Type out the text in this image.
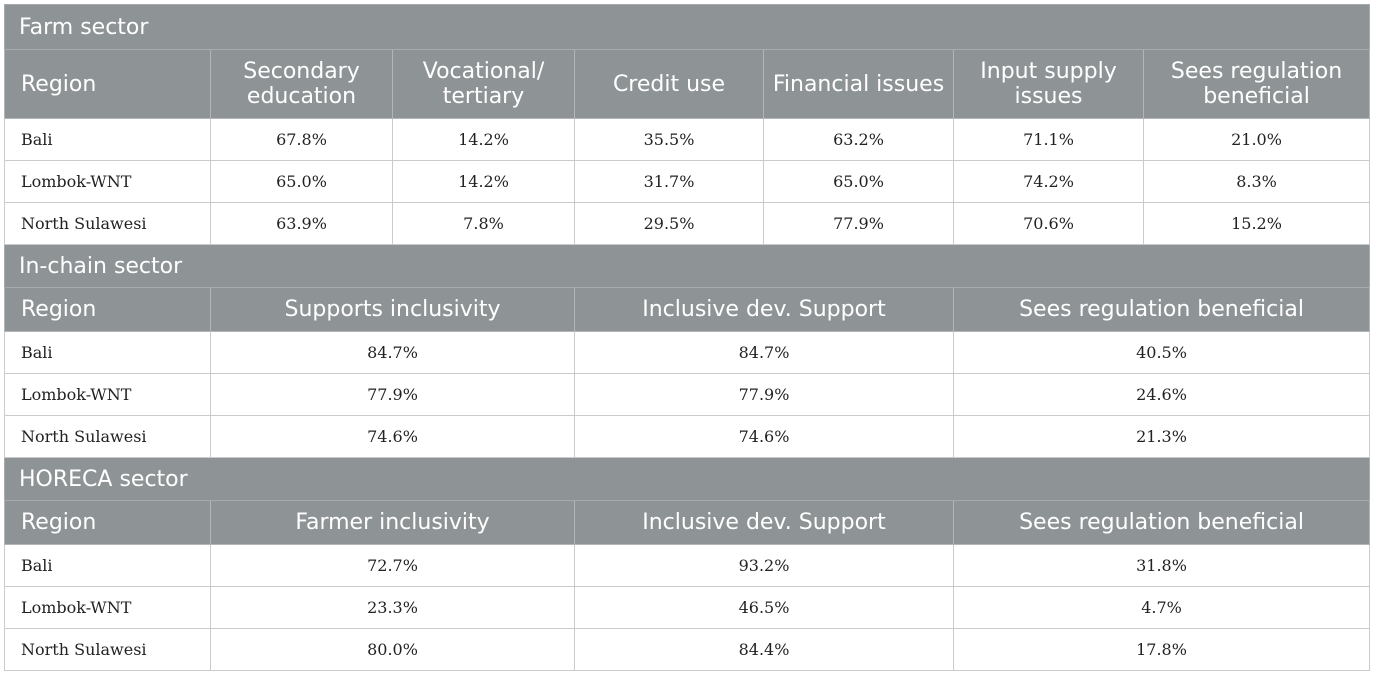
Farm sector						
Region	Secondary education	Vocational/ tertiary	Credit use	Financial issues	Input supply issues	Sees regulation beneficial
Bali	67.8%	14.2%	35.5%	63.2%	71.1%	21.0%
Lombok-WNT	65.0%	14.2%	31.7%	65.0%	74.2%	8.3%
North Sulawesi	63.9%	7.8%	29.5%	77.9%	70.6%	15.2%
In-chain sector						
Region	Supports inclusivity		Inclusive dev. Support		Sees regulation beneficial	
Bali	84.7%		84.7%		40.5%	
Lombok-WNT	77.9%		77.9%		24.6%	
North Sulawesi	74.6%		74.6%		21.3%	
HORECA sector						
Region	Farmer inclusivity		Inclusive dev. Support		Sees regulation beneficial	
Bali	72.7%		93.2%		31.8%	
Lombok-WNT	23.3%		46.5%		4.7%	
North Sulawesi	80.0%		84.4%		17.8%	
